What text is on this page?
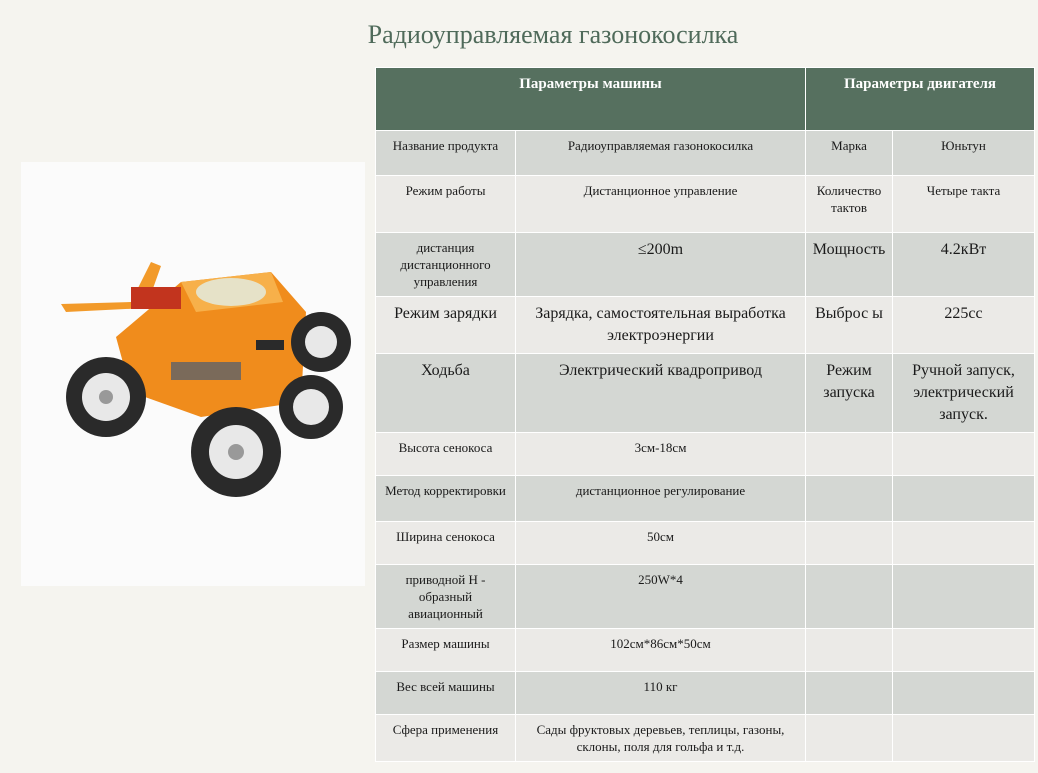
Радиоуправляемая газонокосилка
Параметры машины		Параметры двигателя	
Название продукта	Радиоуправляемая газонокосилка	Марка	Юньтун
Режим работы	Дистанционное управление	Количество тактов	Четыре такта
дистанция дистанционного управления	≤200m	Мощность	4.2кВт
Режим зарядки	Зарядка, самостоятельная выработка электроэнергии	Выброс ы	225cc
Ходьба	Электрический квадропривод	Режим запуска	Ручной запуск, электрический запуск.
Высота сенокоса	3см-18см		
Метод корректировки	дистанционное регулирование		
Ширина сенокоса	50см		
приводной H - образный авиационный	250W*4		
Размер машины	102см*86см*50см		
Вес всей машины	110 кг		
Сфера применения	Сады фруктовых деревьев, теплицы, газоны, склоны, поля для гольфа и т.д.		
